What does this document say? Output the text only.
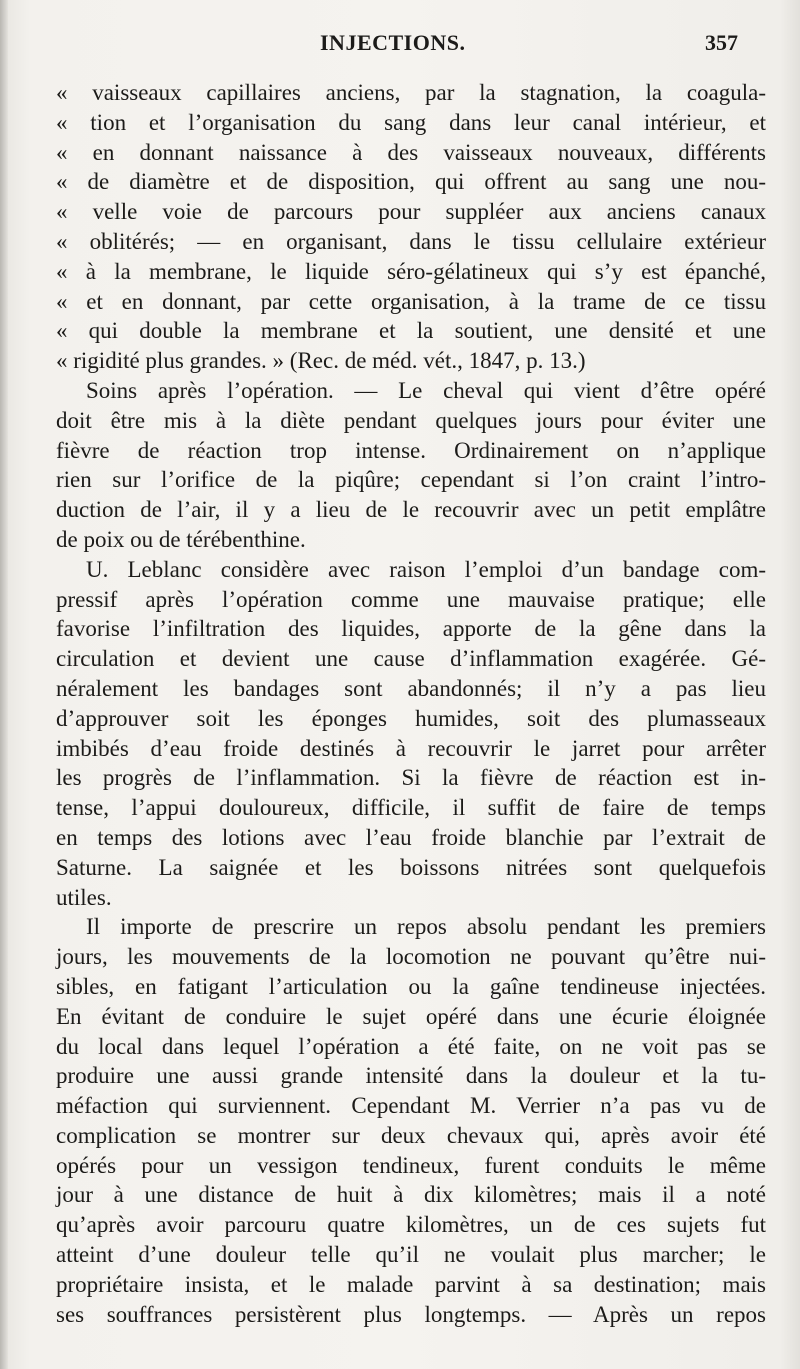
INJECTIONS.	357
« vaisseaux capillaires anciens, par la stagnation, la coagula-
« tion et l’organisation du sang dans leur canal intérieur, et
« en donnant naissance à des vaisseaux nouveaux, différents
« de diamètre et de disposition, qui offrent au sang une nou-
« velle voie de parcours pour suppléer aux anciens canaux
« oblitérés; — en organisant, dans le tissu cellulaire extérieur
« à la membrane, le liquide séro-gélatineux qui s’y est épanché,
« et en donnant, par cette organisation, à la trame de ce tissu
« qui double la membrane et la soutient, une densité et une
« rigidité plus grandes. » (Rec. de méd. vét., 1847, p. 13.)
Soins après l’opération. — Le cheval qui vient d’être opéré
doit être mis à la diète pendant quelques jours pour éviter une
fièvre de réaction trop intense. Ordinairement on n’applique
rien sur l’orifice de la piqûre; cependant si l’on craint l’intro-
duction de l’air, il y a lieu de le recouvrir avec un petit emplâtre
de poix ou de térébenthine.
U. Leblanc considère avec raison l’emploi d’un bandage com-
pressif après l’opération comme une mauvaise pratique; elle
favorise l’infiltration des liquides, apporte de la gêne dans la
circulation et devient une cause d’inflammation exagérée. Gé-
néralement les bandages sont abandonnés; il n’y a pas lieu
d’approuver soit les éponges humides, soit des plumasseaux
imbibés d’eau froide destinés à recouvrir le jarret pour arrêter
les progrès de l’inflammation. Si la fièvre de réaction est in-
tense, l’appui douloureux, difficile, il suffit de faire de temps
en temps des lotions avec l’eau froide blanchie par l’extrait de
Saturne. La saignée et les boissons nitrées sont quelquefois
utiles.
Il importe de prescrire un repos absolu pendant les premiers
jours, les mouvements de la locomotion ne pouvant qu’être nui-
sibles, en fatigant l’articulation ou la gaîne tendineuse injectées.
En évitant de conduire le sujet opéré dans une écurie éloignée
du local dans lequel l’opération a été faite, on ne voit pas se
produire une aussi grande intensité dans la douleur et la tu-
méfaction qui surviennent. Cependant M. Verrier n’a pas vu de
complication se montrer sur deux chevaux qui, après avoir été
opérés pour un vessigon tendineux, furent conduits le même
jour à une distance de huit à dix kilomètres; mais il a noté
qu’après avoir parcouru quatre kilomètres, un de ces sujets fut
atteint d’une douleur telle qu’il ne voulait plus marcher; le
propriétaire insista, et le malade parvint à sa destination; mais
ses souffrances persistèrent plus longtemps. — Après un repos
